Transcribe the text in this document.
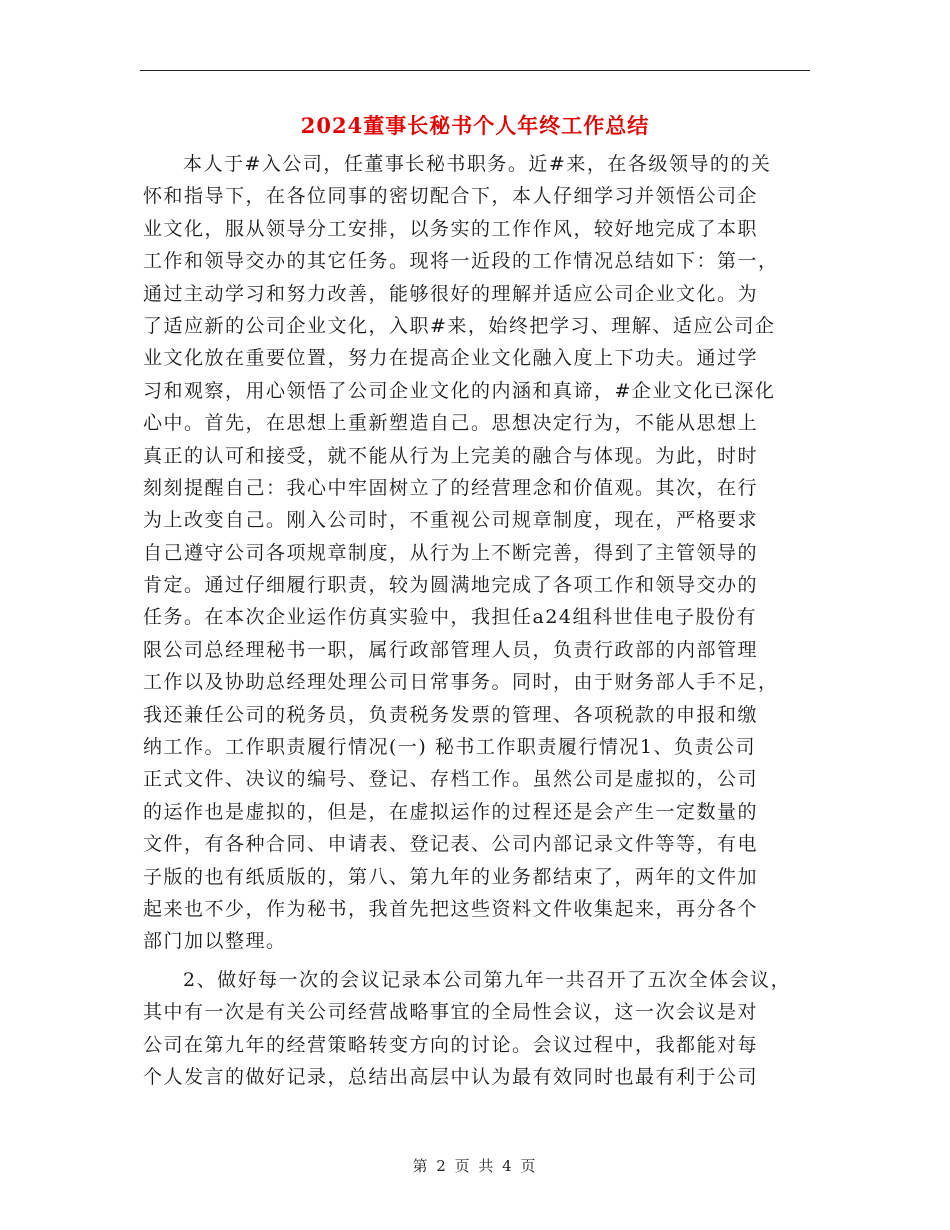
2024董事长秘书个人年终工作总结
本人于#入公司，任董事长秘书职务。近#来，在各级领导的的关
怀和指导下，在各位同事的密切配合下，本人仔细学习并领悟公司企
业文化，服从领导分工安排，以务实的工作作风，较好地完成了本职
工作和领导交办的其它任务。现将一近段的工作情况总结如下：第一，
通过主动学习和努力改善，能够很好的理解并适应公司企业文化。为
了适应新的公司企业文化，入职#来，始终把学习、理解、适应公司企
业文化放在重要位置，努力在提高企业文化融入度上下功夫。通过学
习和观察，用心领悟了公司企业文化的内涵和真谛，#企业文化已深化
心中。首先，在思想上重新塑造自己。思想决定行为，不能从思想上
真正的认可和接受，就不能从行为上完美的融合与体现。为此，时时
刻刻提醒自己：我心中牢固树立了的经营理念和价值观。其次，在行
为上改变自己。刚入公司时，不重视公司规章制度，现在，严格要求
自己遵守公司各项规章制度，从行为上不断完善，得到了主管领导的
肯定。通过仔细履行职责，较为圆满地完成了各项工作和领导交办的
任务。在本次企业运作仿真实验中，我担任a24组科世佳电子股份有
限公司总经理秘书一职，属行政部管理人员，负责行政部的内部管理
工作以及协助总经理处理公司日常事务。同时，由于财务部人手不足，
我还兼任公司的税务员，负责税务发票的管理、各项税款的申报和缴
纳工作。工作职责履行情况(一) 秘书工作职责履行情况1、负责公司
正式文件、决议的编号、登记、存档工作。虽然公司是虚拟的，公司
的运作也是虚拟的，但是，在虚拟运作的过程还是会产生一定数量的
文件，有各种合同、申请表、登记表、公司内部记录文件等等，有电
子版的也有纸质版的，第八、第九年的业务都结束了，两年的文件加
起来也不少，作为秘书，我首先把这些资料文件收集起来，再分各个
部门加以整理。
2、做好每一次的会议记录本公司第九年一共召开了五次全体会议，
其中有一次是有关公司经营战略事宜的全局性会议，这一次会议是对
公司在第九年的经营策略转变方向的讨论。会议过程中，我都能对每
个人发言的做好记录，总结出高层中认为最有效同时也最有利于公司
第 2 页 共 4 页
